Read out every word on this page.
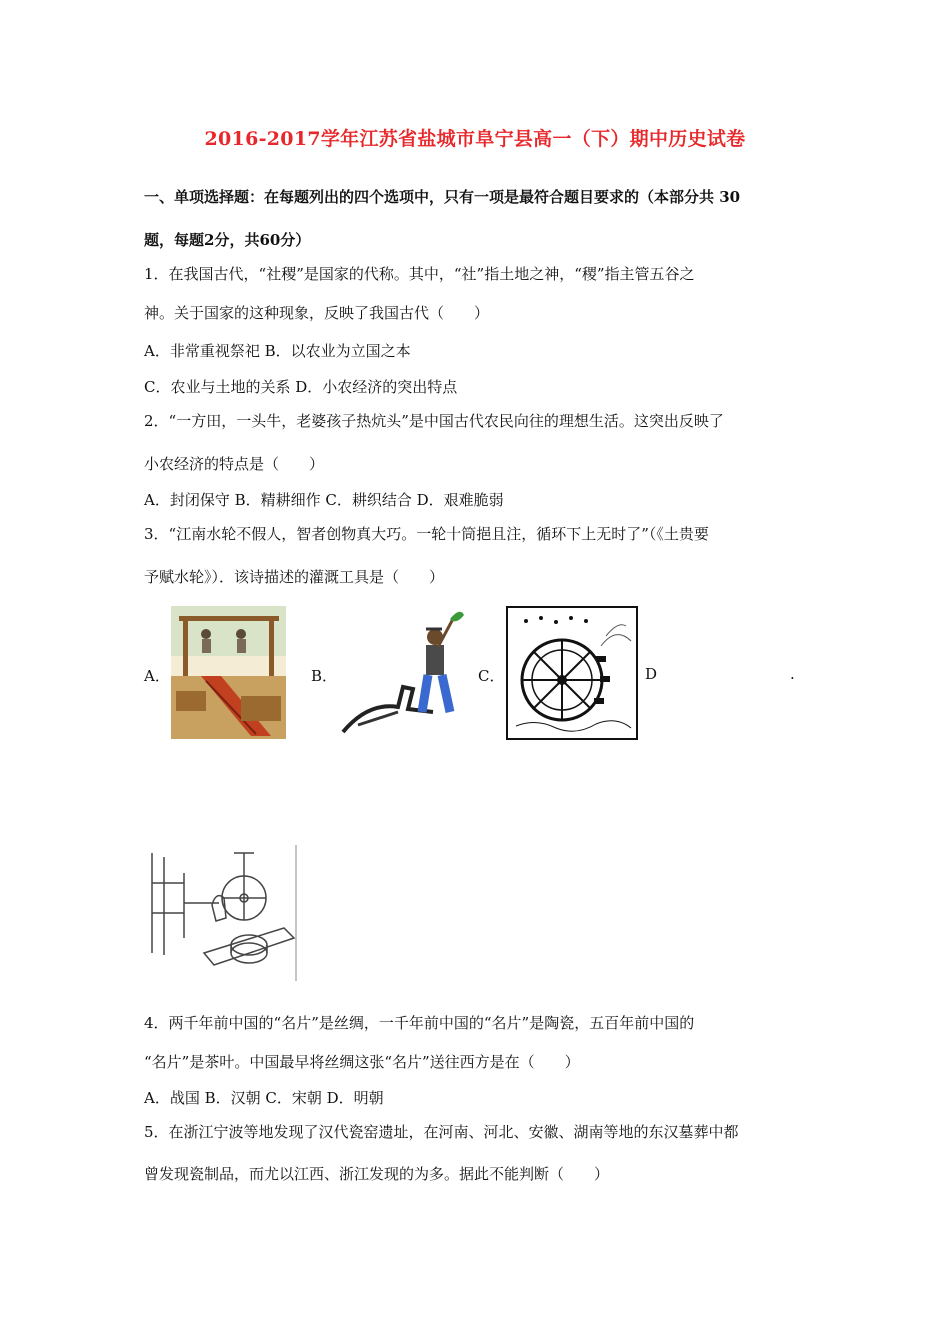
2016-2017学年江苏省盐城市阜宁县高一（下）期中历史试卷
一、单项选择题：在每题列出的四个选项中，只有一项是最符合题目要求的（本部分共 30
题，每题2分，共60分）
1．在我国古代，“社稷”是国家的代称。其中，“社”指土地之神，“稷”指主管五谷之
神。关于国家的这种现象，反映了我国古代（　　）
A．非常重视祭祀 B．以农业为立国之本
C．农业与土地的关系 D．小农经济的突出特点
2．“一方田，一头牛，老婆孩子热炕头”是中国古代农民向往的理想生活。这突出反映了
小农经济的特点是（　　）
A．封闭保守 B．精耕细作 C．耕织结合 D．艰难脆弱
3．“江南水轮不假人，智者创物真大巧。一轮十筒挹且注，循环下上无时了”（《土贵要
予赋水轮》）．该诗描述的灌溉工具是（　　）
A．	B．	C．	D	.
4．两千年前中国的“名片”是丝绸，一千年前中国的“名片”是陶瓷，五百年前中国的
“名片”是茶叶。中国最早将丝绸这张“名片”送往西方是在（　　）
A．战国 B．汉朝 C．宋朝 D．明朝
5．在浙江宁波等地发现了汉代瓷窑遗址，在河南、河北、安徽、湖南等地的东汉墓葬中都
曾发现瓷制品，而尤以江西、浙江发现的为多。据此不能判断（　　）
